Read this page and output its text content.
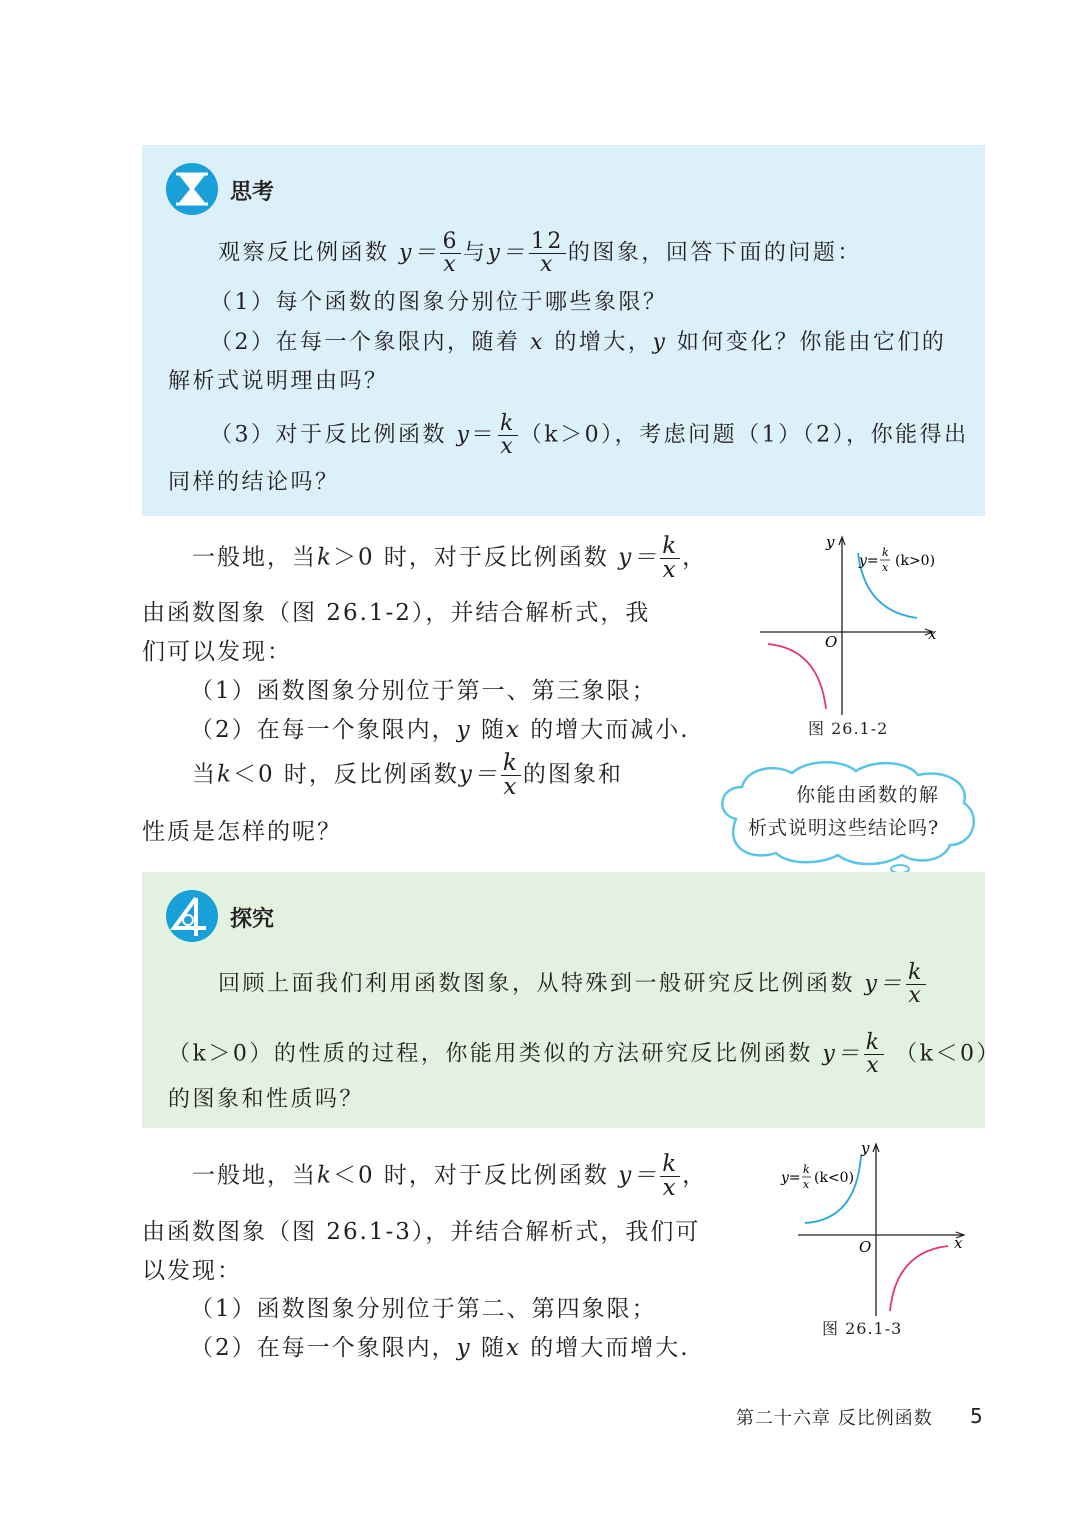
思考
观察反比例函数 $y= \frac{6}{x}$ 与$y= \frac{12}{x}$ 的图象，回答下面的问题：
（1）每个函数的图象分别位于哪些象限？
（2）在每一个象限内，随着 x 的增大，y 如何变化？你能由它们的
解析式说明理由吗？
（3）对于反比例函数 $y= \frac{k}{x} (k>0)$，考虑问题（1）（2），你能得出
同样的结论吗？
一般地，当k＞0 时，对于反比例函数 $y= \frac{k}{x}$ ，
由函数图象（图 26.1-2），并结合解析式，我
们可以发现：
（1）函数图象分别位于第一、第三象限；
（2）在每一个象限内，y 随x 的增大而减小.
当k＜0 时，反比例函数$y= \frac{k}{x}$ 的图象和
性质是怎样的呢？
y
x
O
y=
k
x (k>0)
图 26.1-2
你能由函数的解
析式说明这些结论吗?
探究
回顾上面我们利用函数图象，从特殊到一般研究反比例函数 $y= \frac{k}{x}$
（k＞0）的性质的过程，你能用类似的方法研究反比例函数 $y= \frac{k}{x} (k<0)$
的图象和性质吗？
一般地，当k＜0 时，对于反比例函数 $y= \frac{k}{x}$ ，
由函数图象（图 26.1-3），并结合解析式，我们可
以发现：
（1）函数图象分别位于第二、第四象限；
（2）在每一个象限内，y 随x 的增大而增大.
y
x
O
y=
k
x (k<0)
图 26.1-3
第二十六章 反比例函数 5
